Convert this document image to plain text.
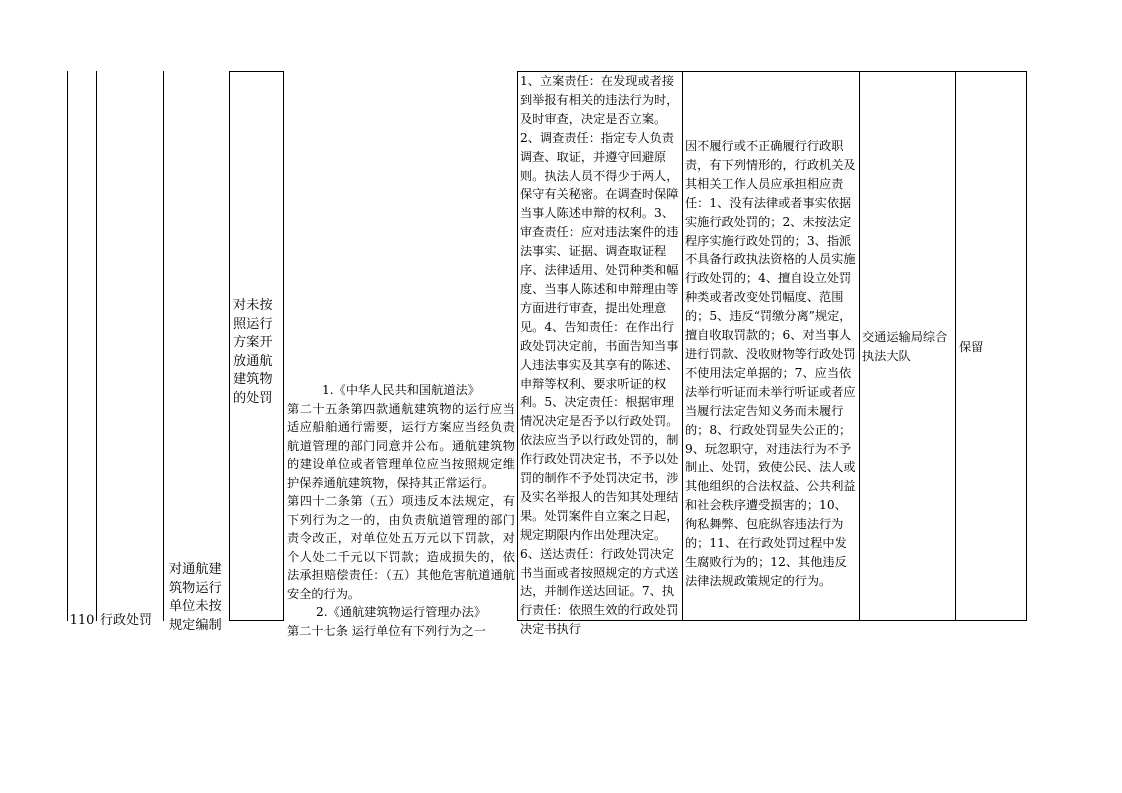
110 行政处罚
对通航建筑物运行单位未按规定编制
对未按照运行方案开放通航建筑物的处罚

1.《中华人民共和国航道法》

第二十五条第四款通航建筑物的运行应当适应船舶通行需要，运行方案应当经负责航道管理的部门同意并公布。通航建筑物的建设单位或者管理单位应当按照规定维护保养通航建筑物，保持其正常运行。

第四十二条第（五）项违反本法规定，有下列行为之一的，由负责航道管理的部门责令改正，对单位处五万元以下罚款，对个人处二千元以下罚款；造成损失的，依法承担赔偿责任：（五）其他危害航道通航安全的行为。

2.《通航建筑物运行管理办法》

第二十七条 运行单位有下列行为之一

1、立案责任：在发现或者接到举报有相关的违法行为时，及时审查，决定是否立案。2、调查责任：指定专人负责调查、取证，并遵守回避原则。执法人员不得少于两人，保守有关秘密。在调查时保障当事人陈述申辩的权利。3、审查责任：应对违法案件的违法事实、证据、调查取证程序、法律适用、处罚种类和幅度、当事人陈述和申辩理由等方面进行审查，提出处理意见。4、告知责任：在作出行政处罚决定前，书面告知当事人违法事实及其享有的陈述、申辩等权利、要求听证的权利。5、决定责任：根据审理情况决定是否予以行政处罚。依法应当予以行政处罚的，制作行政处罚决定书，不予以处罚的制作不予处罚决定书，涉及实名举报人的告知其处理结果。处罚案件自立案之日起，规定期限内作出处理决定。
6、送达责任：行政处罚决定书当面或者按照规定的方式送达，并制作送达回证。7、执行责任：依照生效的行政处罚决定书执行
因不履行或不正确履行行政职责，有下列情形的，行政机关及其相关工作人员应承担相应责任：1、没有法律或者事实依据实施行政处罚的；2、未按法定程序实施行政处罚的；3、指派不具备行政执法资格的人员实施行政处罚的；4、擅自设立处罚种类或者改变处罚幅度、范围的；5、违反“罚缴分离”规定，擅自收取罚款的；6、对当事人进行罚款、没收财物等行政处罚不使用法定单据的；7、应当依法举行听证而未举行听证或者应当履行法定告知义务而未履行的；8、行政处罚显失公正的；9、玩忽职守，对违法行为不予制止、处罚，致使公民、法人或其他组织的合法权益、公共利益和社会秩序遭受损害的；10、徇私舞弊、包庇纵容违法行为的；11、在行政处罚过程中发生腐败行为的；12、其他违反法律法规政策规定的行为。
交通运输局综合执法大队
保留
